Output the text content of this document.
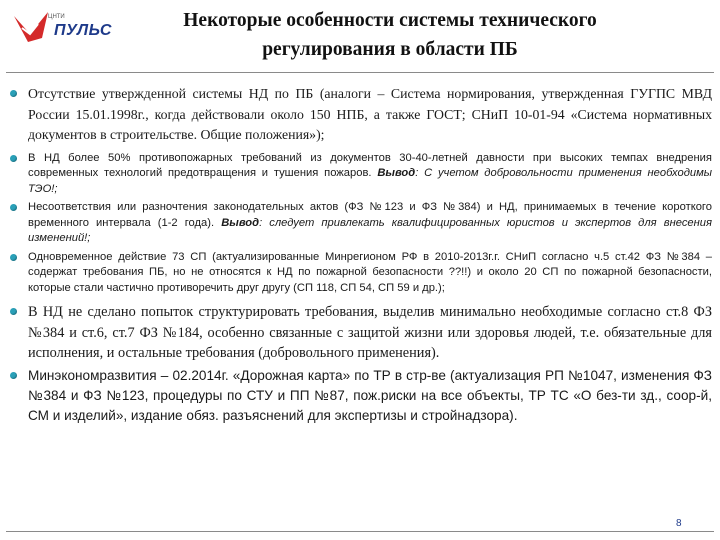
ЦНТИ
ПУЛЬС	Некоторые особенности системы технического
регулирования в области ПБ

Отсутствие утвержденной системы НД по ПБ (аналоги – Система нормирования, утвержденная ГУГПС МВД России 15.01.1998г., когда действовали около 150 НПБ, а также ГОСТ; СНиП 10-01-94 «Система нормативных документов в строительстве. Общие положения»);

В НД более 50% противопожарных требований из документов 30-40-летней давности при высоких темпах внедрения современных технологий предотвращения и тушения пожаров. Вывод: С учетом добровольности применения необходимы ТЭО!;

Несоответствия или разночтения законодательных актов (ФЗ №123 и ФЗ №384) и НД, принимаемых в течение короткого временного интервала (1-2 года). Вывод: следует привлекать квалифицированных юристов и экспертов для внесения изменений!;

Одновременное действие 73 СП (актуализированные Минрегионом РФ в 2010-2013г.г. СНиП согласно ч.5 ст.42 ФЗ №384 – содержат требования ПБ, но не относятся к НД по пожарной безопасности ??!!) и около 20 СП по пожарной безопасности, которые стали частично противоречить друг другу (СП 118, СП 54, СП 59 и др.);

В НД не сделано попыток структурировать требования, выделив минимально необходимые согласно ст.8 ФЗ №384 и ст.6, ст.7 ФЗ №184, особенно связанные с защитой жизни или здоровья людей, т.е. обязательные для исполнения, и остальные требования (добровольного применения).

Минэкономразвития – 02.2014г. «Дорожная карта» по ТР в стр-ве (актуализация РП №1047, изменения ФЗ №384 и ФЗ №123, процедуры по СТУ и ПП №87, пож.риски на все объекты, ТР ТС «О без-ти зд., соор-й, СМ и изделий», издание обяз. разъяснений для экспертизы и стройнадзора).

8
